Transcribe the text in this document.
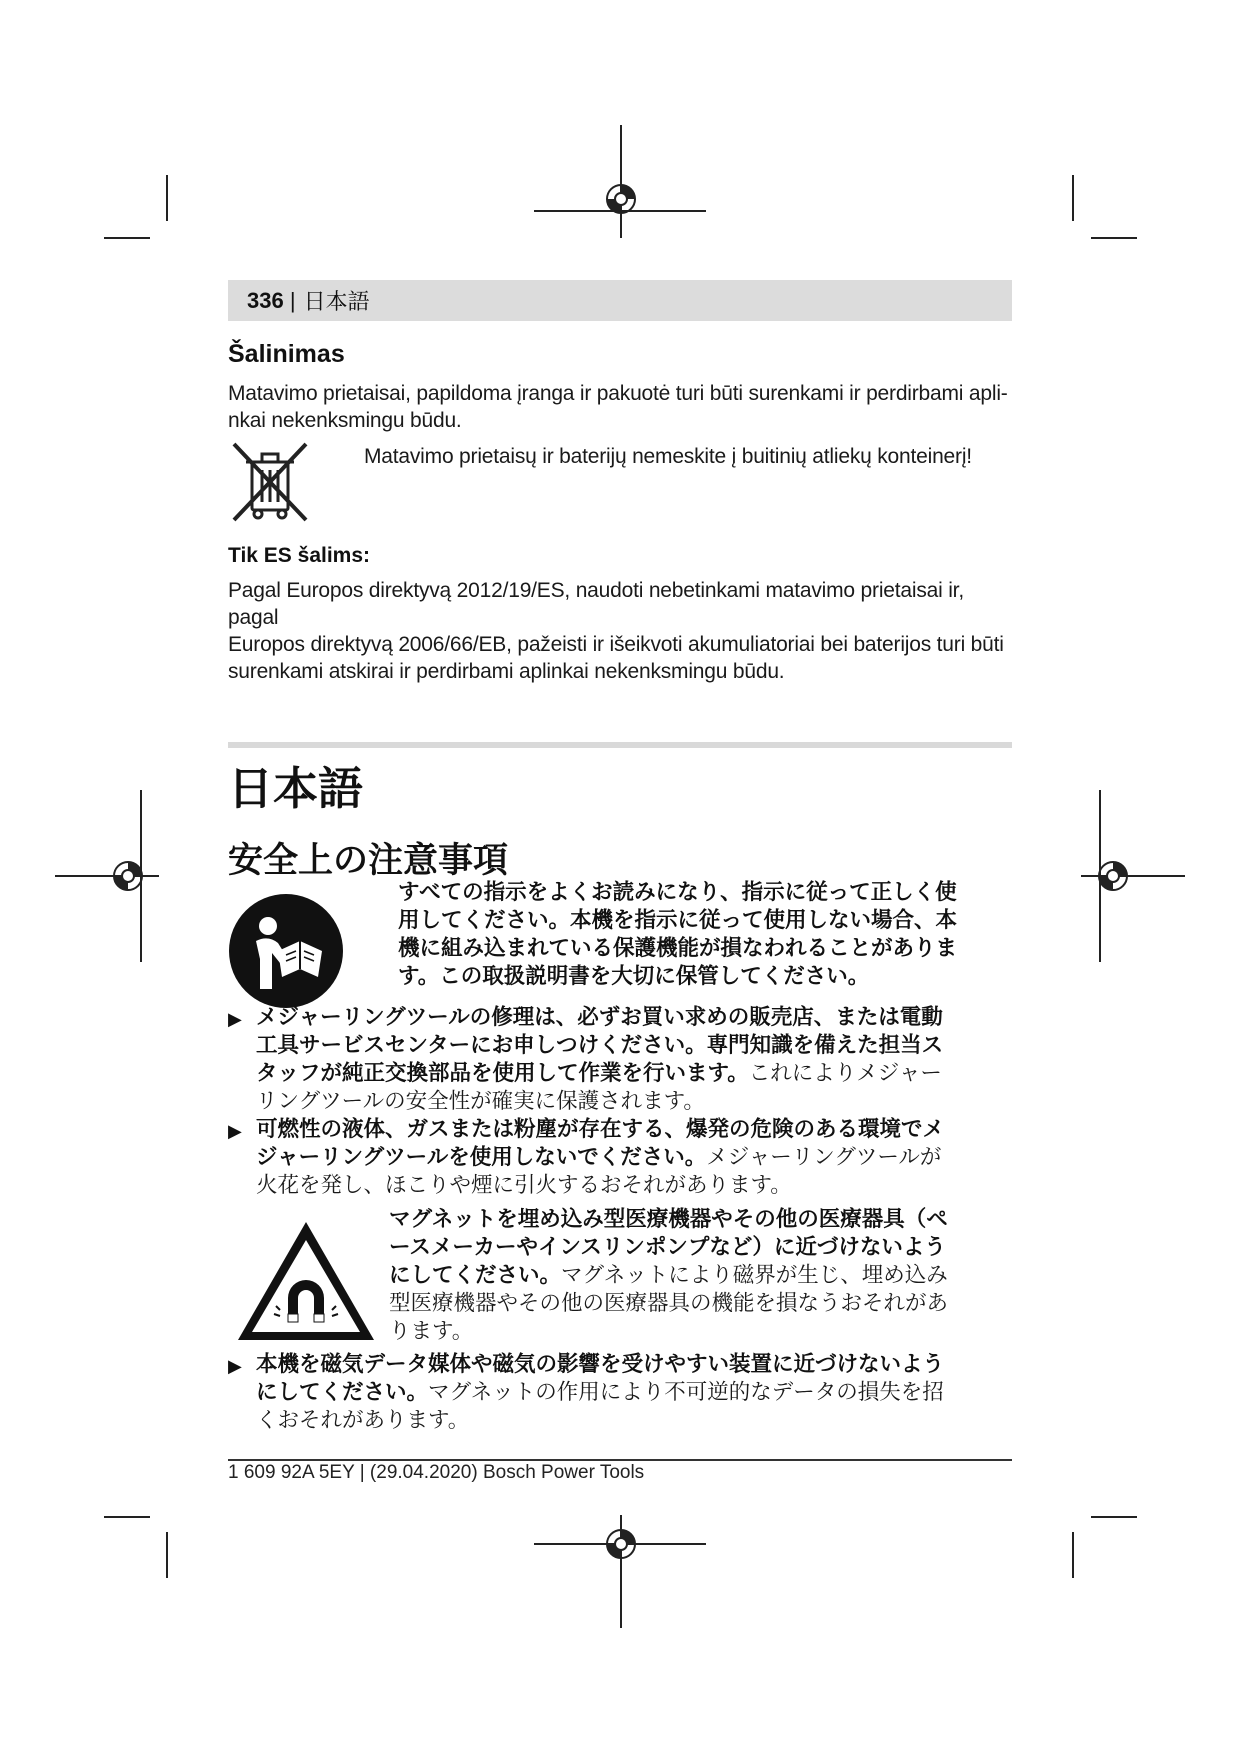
336 | 日本語
Šalinimas

Matavimo prietaisai, papildoma įranga ir pakuotė turi būti surenkami ir perdirbami apli-
nkai nekenksmingu būdu.

Matavimo prietaisų ir baterijų nemeskite į buitinių atliekų konteinerį!

Tik ES šalims:

Pagal Europos direktyvą 2012/19/ES, naudoti nebetinkami matavimo prietaisai ir, pagal
Europos direktyvą 2006/66/EB, pažeisti ir išeikvoti akumuliatoriai bei baterijos turi būti
surenkami atskirai ir perdirbami aplinkai nekenksmingu būdu.

日本語
安全上の注意事項

すべての指示をよくお読みになり、指示に従って正しく使
用してください。本機を指示に従って使用しない場合、本
機に組み込まれている保護機能が損なわれることがありま
す。この取扱説明書を大切に保管してください。

▶ メジャーリングツールの修理は、必ずお買い求めの販売店、または電動
工具サービスセンターにお申しつけください。専門知識を備えた担当ス
タッフが純正交換部品を使用して作業を行います。これによりメジャー
リングツールの安全性が確実に保護されます。

▶ 可燃性の液体、ガスまたは粉塵が存在する、爆発の危険のある環境でメ
ジャーリングツールを使用しないでください。メジャーリングツールが
火花を発し、ほこりや煙に引火するおそれがあります。

マグネットを埋め込み型医療機器やその他の医療器具（ペ
ースメーカーやインスリンポンプなど）に近づけないよう
にしてください。マグネットにより磁界が生じ、埋め込み
型医療機器やその他の医療器具の機能を損なうおそれがあ
ります。

▶ 本機を磁気データ媒体や磁気の影響を受けやすい装置に近づけないよう
にしてください。マグネットの作用により不可逆的なデータの損失を招
くおそれがあります。

1 609 92A 5EY | (29.04.2020) Bosch Power Tools
